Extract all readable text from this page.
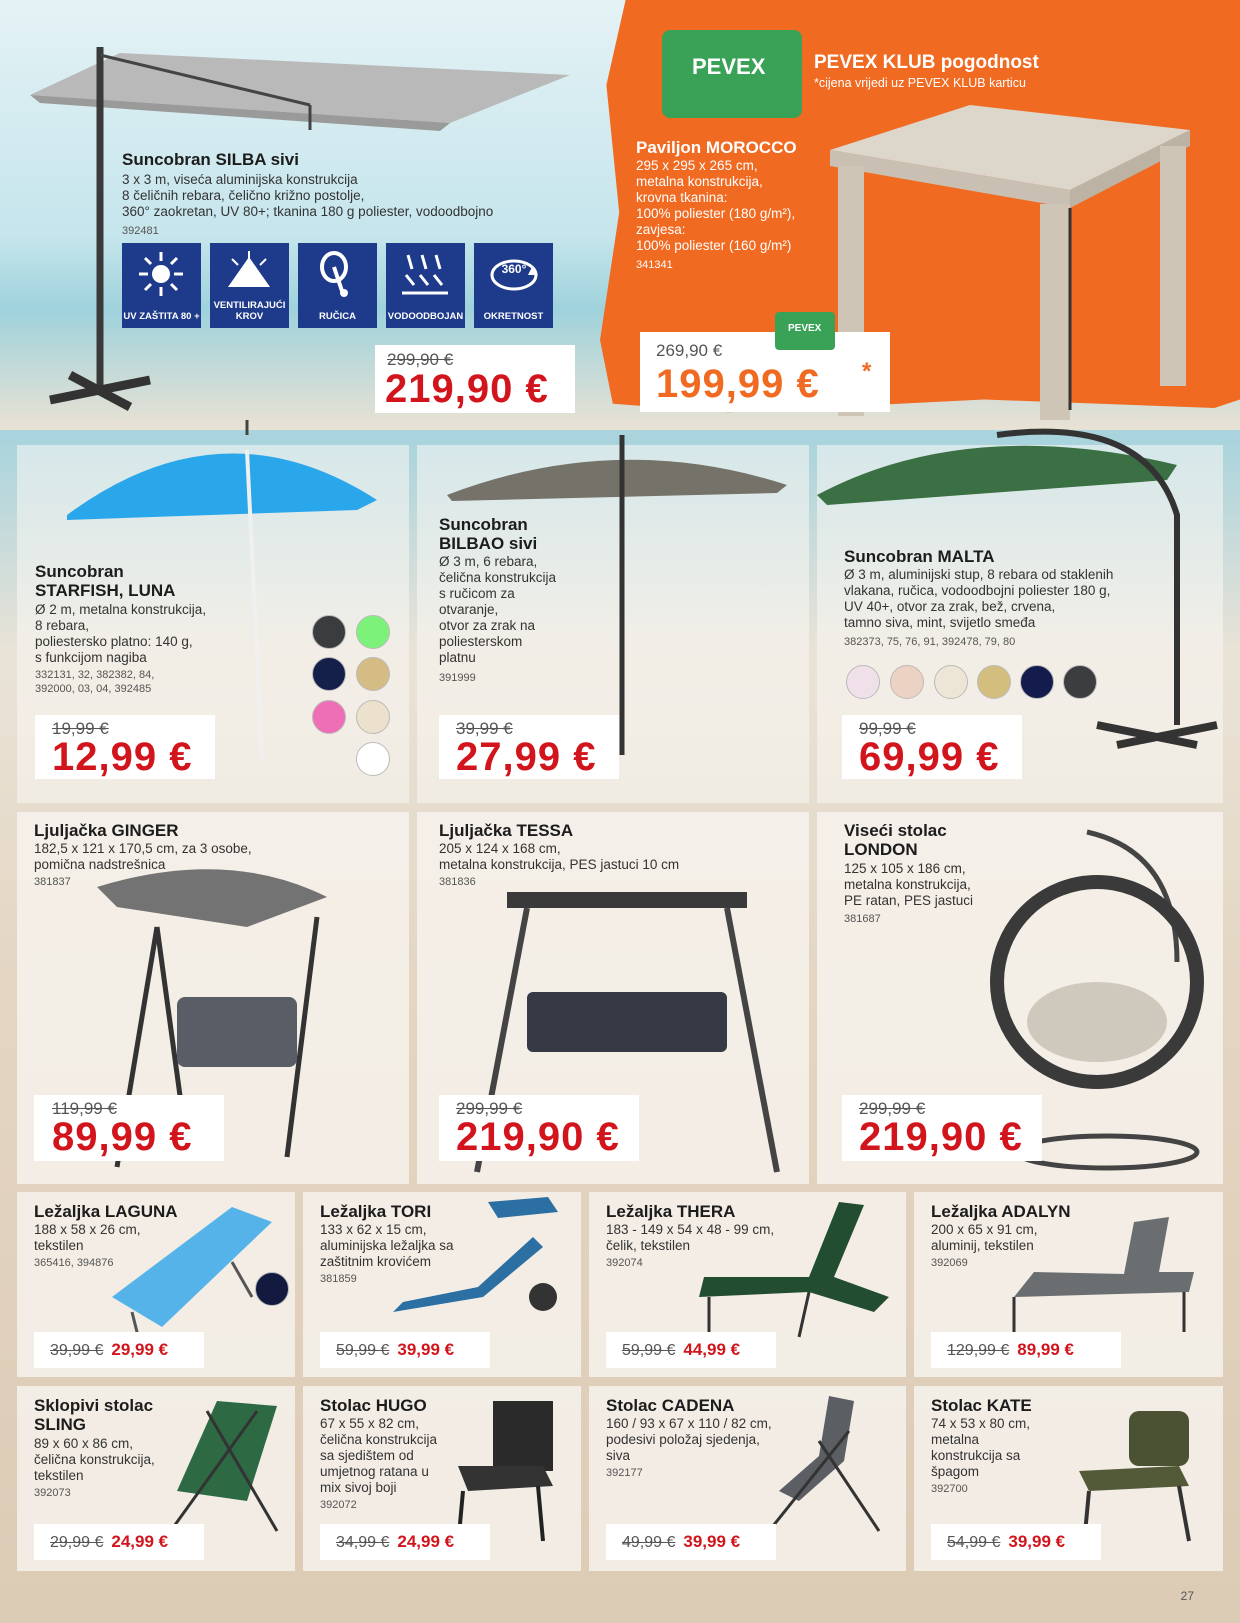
Suncobran SILBA sivi
3 x 3 m, viseća aluminijska konstrukcija
8 čeličnih rebara, čelično križno postolje,
360° zaokretan, UV 80+; tkanina 180 g poliester, vodoodbojno
392481
UV ZAŠTITA 80 +
VENTILIRAJUĆI
KROV	RUČICA	VODOODBOJAN
360°
OKRETNOST
299,90 €
219,90 €
PEVEX	PEVEX KLUB pogodnost
*cijena vrijedi uz PEVEX KLUB karticu
Paviljon MOROCCO
295 x 295 x 265 cm,
metalna konstrukcija,
krovna tkanina:
100% poliester (180 g/m²),
zavjesa:
100% poliester (160 g/m²)
341341
269,90 €
199,99 € *
PEVEX
Suncobran
STARFISH, LUNA
Ø 2 m, metalna konstrukcija,
8 rebara,
poliestersko platno: 140 g,
s funkcijom nagiba
332131, 32, 382382, 84,
392000, 03, 04, 392485
19,99 €
12,99 €
Suncobran
BILBAO sivi
Ø 3 m, 6 rebara,
čelična konstrukcija
s ručicom za
otvaranje,
otvor za zrak na
poliesterskom
platnu
391999
39,99 €
27,99 €
Suncobran MALTA
Ø 3 m, aluminijski stup, 8 rebara od staklenih
vlakana, ručica, vodoodbojni poliester 180 g,
UV 40+, otvor za zrak, bež, crvena,
tamno siva, mint, svijetlo smeđa
382373, 75, 76, 91, 392478, 79, 80
99,99 €
69,99 €
Ljuljačka GINGER
182,5 x 121 x 170,5 cm, za 3 osobe,
pomična nadstrešnica
381837
119,99 €
89,99 €
Ljuljačka TESSA
205 x 124 x 168 cm,
metalna konstrukcija, PES jastuci 10 cm
381836
299,99 €
219,90 €
Viseći stolac
LONDON
125 x 105 x 186 cm,
metalna konstrukcija,
PE ratan, PES jastuci
381687
299,99 €
219,90 €
Ležaljka LAGUNA
188 x 58 x 26 cm,
tekstilen
365416, 394876
39,99 € 29,99 €
Ležaljka TORI
133 x 62 x 15 cm,
aluminijska ležaljka sa
zaštitnim krovićem
381859
59,99 € 39,99 €
Ležaljka THERA
183 - 149 x 54 x 48 - 99 cm,
čelik, tekstilen
392074
59,99 € 44,99 €
Ležaljka ADALYN
200 x 65 x 91 cm,
aluminij, tekstilen
392069
129,99 € 89,99 €
Sklopivi stolac
SLING
89 x 60 x 86 cm,
čelična konstrukcija,
tekstilen
392073
29,99 € 24,99 €
Stolac HUGO
67 x 55 x 82 cm,
čelična konstrukcija
sa sjedištem od
umjetnog ratana u
mix sivoj boji
392072
34,99 € 24,99 €
Stolac CADENA
160 / 93 x 67 x 110 / 82 cm,
podesivi položaj sjedenja,
siva
392177
49,99 € 39,99 €
Stolac KATE
74 x 53 x 80 cm,
metalna
konstrukcija sa
špagom
392700
54,99 € 39,99 €
27
